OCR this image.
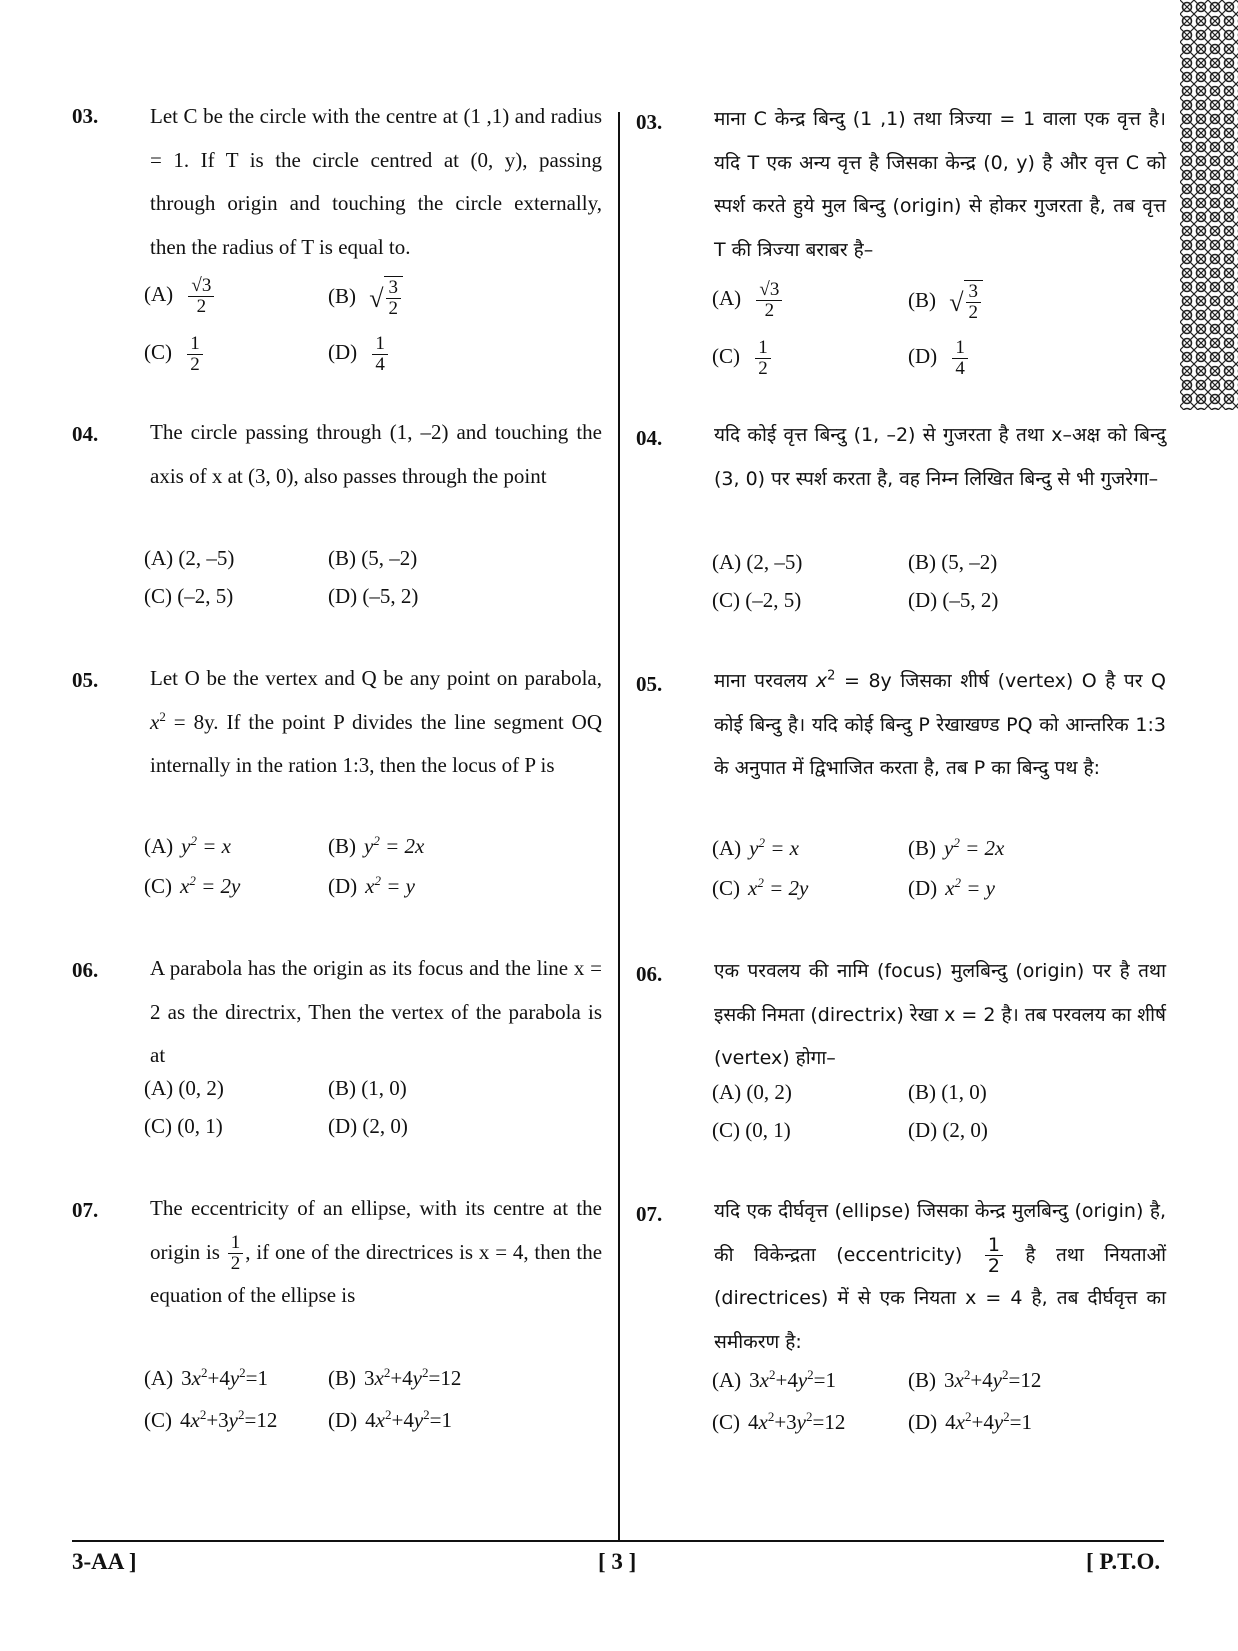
03. Let C be the circle with the centre at (1 ,1) and radius = 1. If T is the circle centred at (0, y), passing through origin and touching the circle externally, then the radius of T is equal to.
$(A) \frac{√3}{2}$	(B) √ $\frac{3}{2}$
$(C) \frac{1}{2}$	$(D) \frac{1}{4}$
04. The circle passing through (1, –2) and touching the axis of x at (3, 0), also passes through the point
(A) (2, –5)	(B) (5, –2)
(C) (–2, 5)	(D) (–5, 2)
05. Let O be the vertex and Q be any point on parabola, $x^2 = 8y$. If the point P divides the line segment OQ internally in the ration 1:3, then the locus of P is
(A) $y^2 = x$	(B) $y^2 = 2x$
(C) $x^2 = 2y$	(D) $x^2 = y$
06. A parabola has the origin as its focus and the line x = 2 as the directrix, Then the vertex of the parabola is at
(A) (0, 2)	(B) (1, 0)
(C) (0, 1)	(D) (2, 0)
07. The eccentricity of an ellipse, with its centre at the origin is $\frac{1}{2}$ , if one of the directrices is x = 4, then the equation of the ellipse is
(A) $3x^2+4y^2=1$	(B) $3x^2+4y^2=12$
(C) $4x^2+3y^2=12$ (D) $4x^2+4y^2=1$
03.	माना C केन्द्र बिन्दु (1 ,1) तथा त्रिज्या = 1 वाला एक वृत्त है। यदि T एक अन्य वृत्त है जिसका केन्द्र (0, y) है और वृत्त C को स्पर्श करते हुये मुल बिन्दु (origin) से होकर गुजरता है, तब वृत्त T की त्रिज्या बराबर है–
$(A) \frac{√3}{2}$	(B) √ $\frac{3}{2}$
$(C) \frac{1}{2}$	$(D) \frac{1}{4}$
04.	यदि कोई वृत्त बिन्दु (1, –2) से गुजरता है तथा x–अक्ष को बिन्दु (3, 0) पर स्पर्श करता है, वह निम्न लिखित बिन्दु से भी गुजरेगा–
(A) (2, –5)	(B) (5, –2)
(C) (–2, 5)	(D) (–5, 2)
05.	माना परवलय $x^2 = 8y$ जिसका शीर्ष (vertex) O है पर Q कोई बिन्दु है। यदि कोई बिन्दु P रेखाखण्ड PQ को आन्तरिक 1:3 के अनुपात में द्विभाजित करता है, तब P का बिन्दु पथ है:
(A) $y^2 = x$	(B) $y^2 = 2x$
(C) $x^2 = 2y$	(D) $x^2 = y$
06.	एक परवलय की नामि (focus) मुलबिन्दु (origin) पर है तथा इसकी निमता (directrix) रेखा x = 2 है। तब परवलय का शीर्ष (vertex) होगा–
(A) (0, 2)	(B) (1, 0)
(C) (0, 1)	(D) (2, 0)
07.	यदि एक दीर्घवृत्त (ellipse) जिसका केन्द्र मुलबिन्दु (origin) है, की विकेन्द्रता (eccentricity) $\frac{1}{2}$ है तथा नियताओं (directrices) में से एक नियता x = 4 है, तब दीर्घवृत्त का समीकरण है:
(A) $3x^2+4y^2=1$	(B) $3x^2+4y^2=12$
(C) $4x^2+3y^2=12$	(D) $4x^2+4y^2=1$
3-AA ]	[ 3 ]	[ P.T.O.
